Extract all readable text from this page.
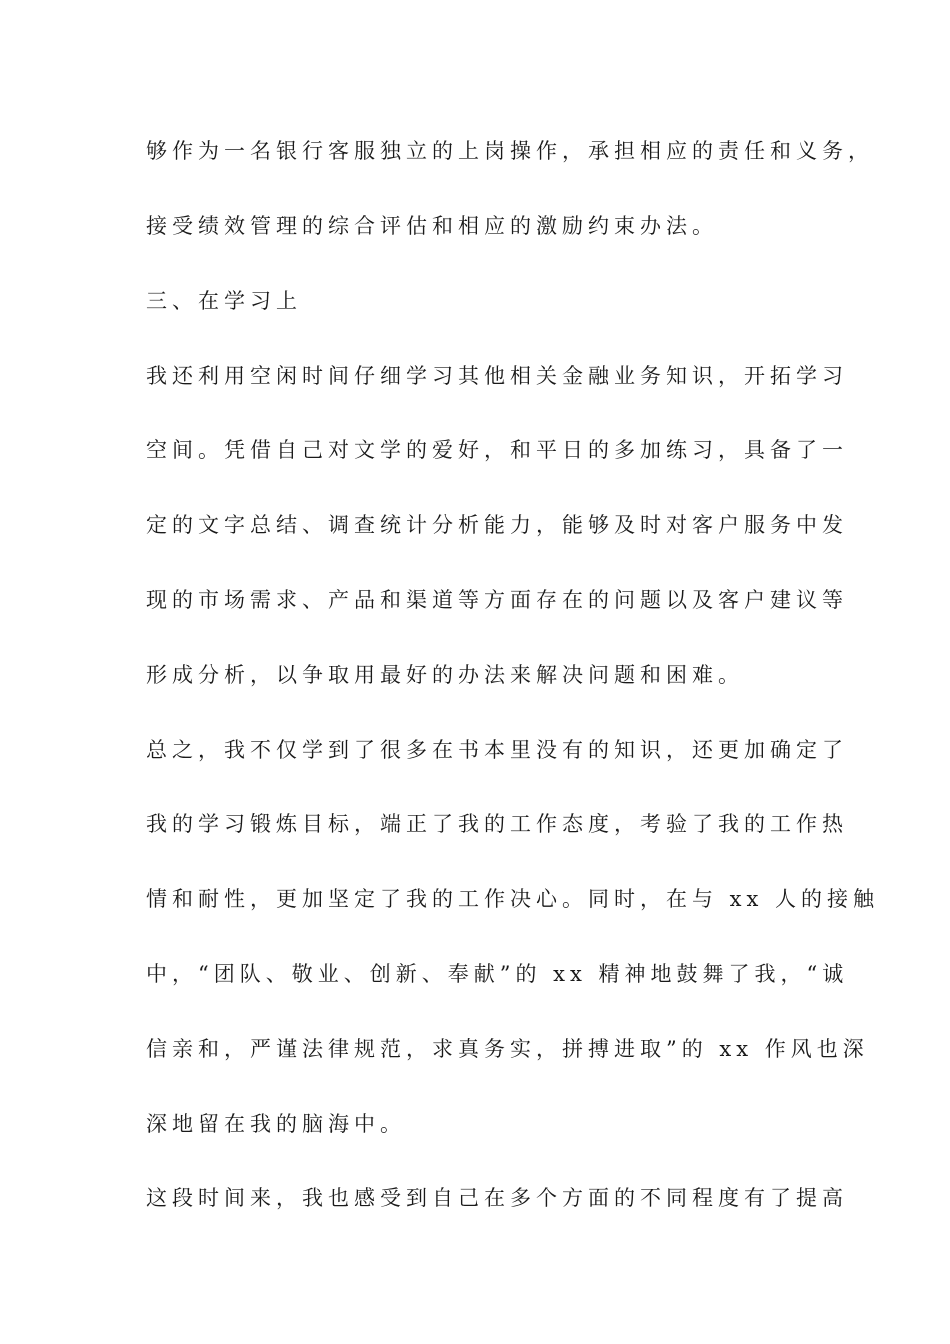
够作为一名银行客服独立的上岗操作，承担相应的责任和义务，
接受绩效管理的综合评估和相应的激励约束办法。
三、在学习上
我还利用空闲时间仔细学习其他相关金融业务知识，开拓学习
空间。凭借自己对文学的爱好，和平日的多加练习，具备了一
定的文字总结、调查统计分析能力，能够及时对客户服务中发
现的市场需求、产品和渠道等方面存在的问题以及客户建议等
形成分析，以争取用最好的办法来解决问题和困难。
总之，我不仅学到了很多在书本里没有的知识，还更加确定了
我的学习锻炼目标，端正了我的工作态度，考验了我的工作热
情和耐性，更加坚定了我的工作决心。同时，在与 xx 人的接触
中，“团队、敬业、创新、奉献”的 xx 精神地鼓舞了我，“诚
信亲和，严谨法律规范，求真务实，拼搏进取”的 xx 作风也深
深地留在我的脑海中。
这段时间来，我也感受到自己在多个方面的不同程度有了提高
